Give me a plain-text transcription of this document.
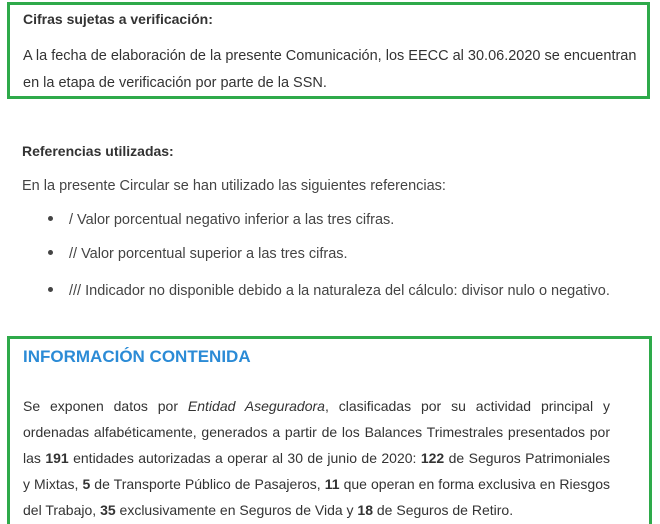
Cifras sujetas a verificación:
A la fecha de elaboración de la presente Comunicación, los EECC al 30.06.2020 se encuentran en la etapa de verificación por parte de la SSN.
Referencias utilizadas:
En la presente Circular se han utilizado las siguientes referencias:
/ Valor porcentual negativo inferior a las tres cifras.
// Valor porcentual superior a las tres cifras.
/// Indicador no disponible debido a la naturaleza del cálculo: divisor nulo o negativo.
INFORMACIÓN CONTENIDA
Se exponen datos por Entidad Aseguradora, clasificadas por su actividad principal y ordenadas alfabéticamente, generados a partir de los Balances Trimestrales presentados por las 191 entidades autorizadas a operar al 30 de junio de 2020: 122 de Seguros Patrimoniales y Mixtas, 5 de Transporte Público de Pasajeros, 11 que operan en forma exclusiva en Riesgos del Trabajo, 35 exclusivamente en Seguros de Vida y 18 de Seguros de Retiro.
